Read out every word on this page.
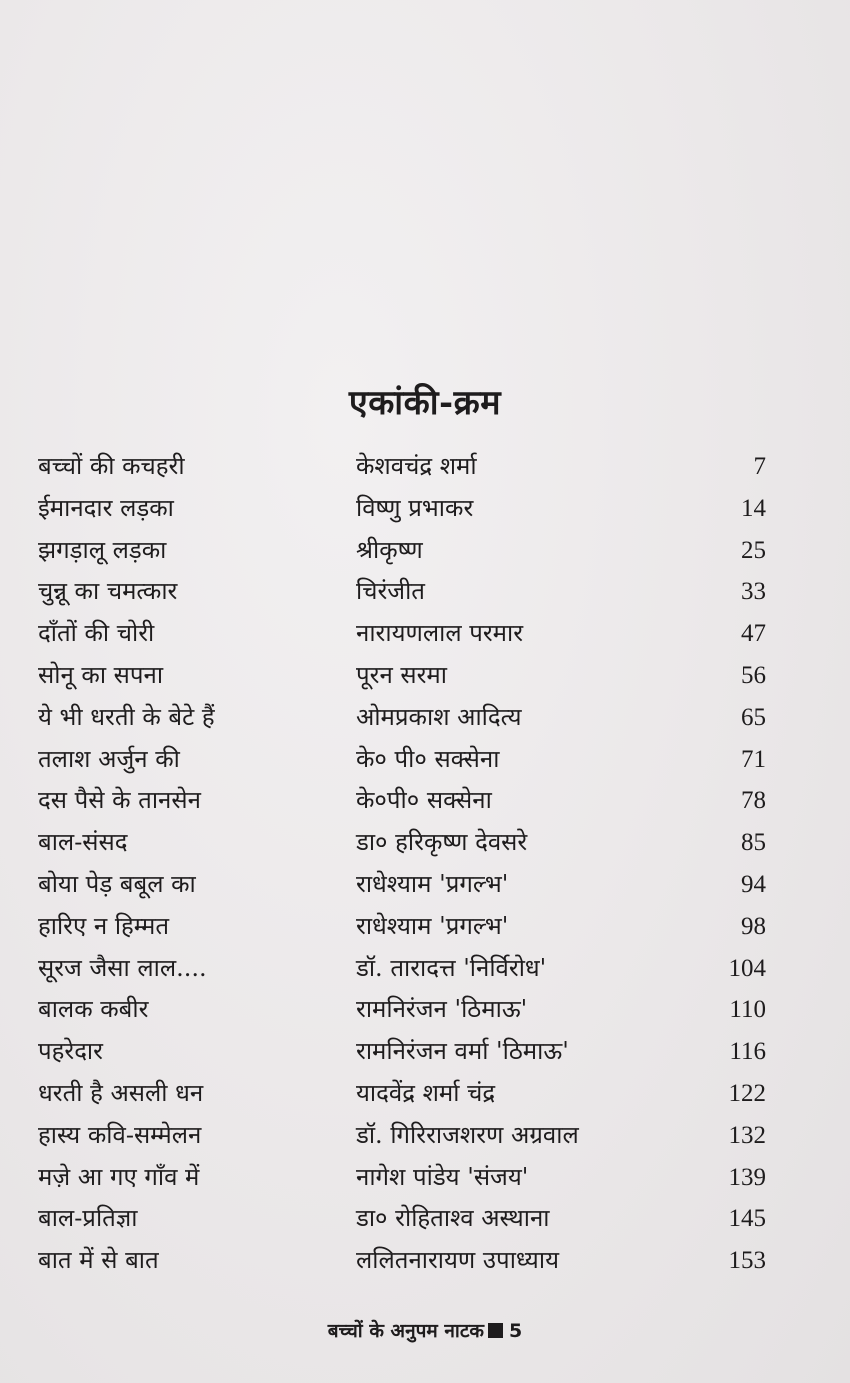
एकांकी-क्रम
बच्चों की कचहरी	केशवचंद्र शर्मा	7
ईमानदार लड़का	विष्णु प्रभाकर	14
झगड़ालू लड़का	श्रीकृष्ण	25
चुन्नू का चमत्कार	चिरंजीत	33
दाँतों की चोरी	नारायणलाल परमार	47
सोनू का सपना	पूरन सरमा	56
ये भी धरती के बेटे हैं	ओमप्रकाश आदित्य	65
तलाश अर्जुन की	के० पी० सक्सेना	71
दस पैसे के तानसेन	के०पी० सक्सेना	78
बाल-संसद	डा० हरिकृष्ण देवसरे	85
बोया पेड़ बबूल का	राधेश्याम 'प्रगल्भ'	94
हारिए न हिम्मत	राधेश्याम 'प्रगल्भ'	98
सूरज जैसा लाल....	डॉ. तारादत्त 'निर्विरोध'	104
बालक कबीर	रामनिरंजन 'ठिमाऊ'	110
पहरेदार	रामनिरंजन वर्मा 'ठिमाऊ'	116
धरती है असली धन	यादवेंद्र शर्मा चंद्र	122
हास्य कवि-सम्मेलन	डॉ. गिरिराजशरण अग्रवाल	132
मज़े आ गए गाँव में	नागेश पांडेय 'संजय'	139
बाल-प्रतिज्ञा	डा० रोहिताश्व अस्थाना	145
बात में से बात	ललितनारायण उपाध्याय	153
बच्चों के अनुपम नाटक 5
